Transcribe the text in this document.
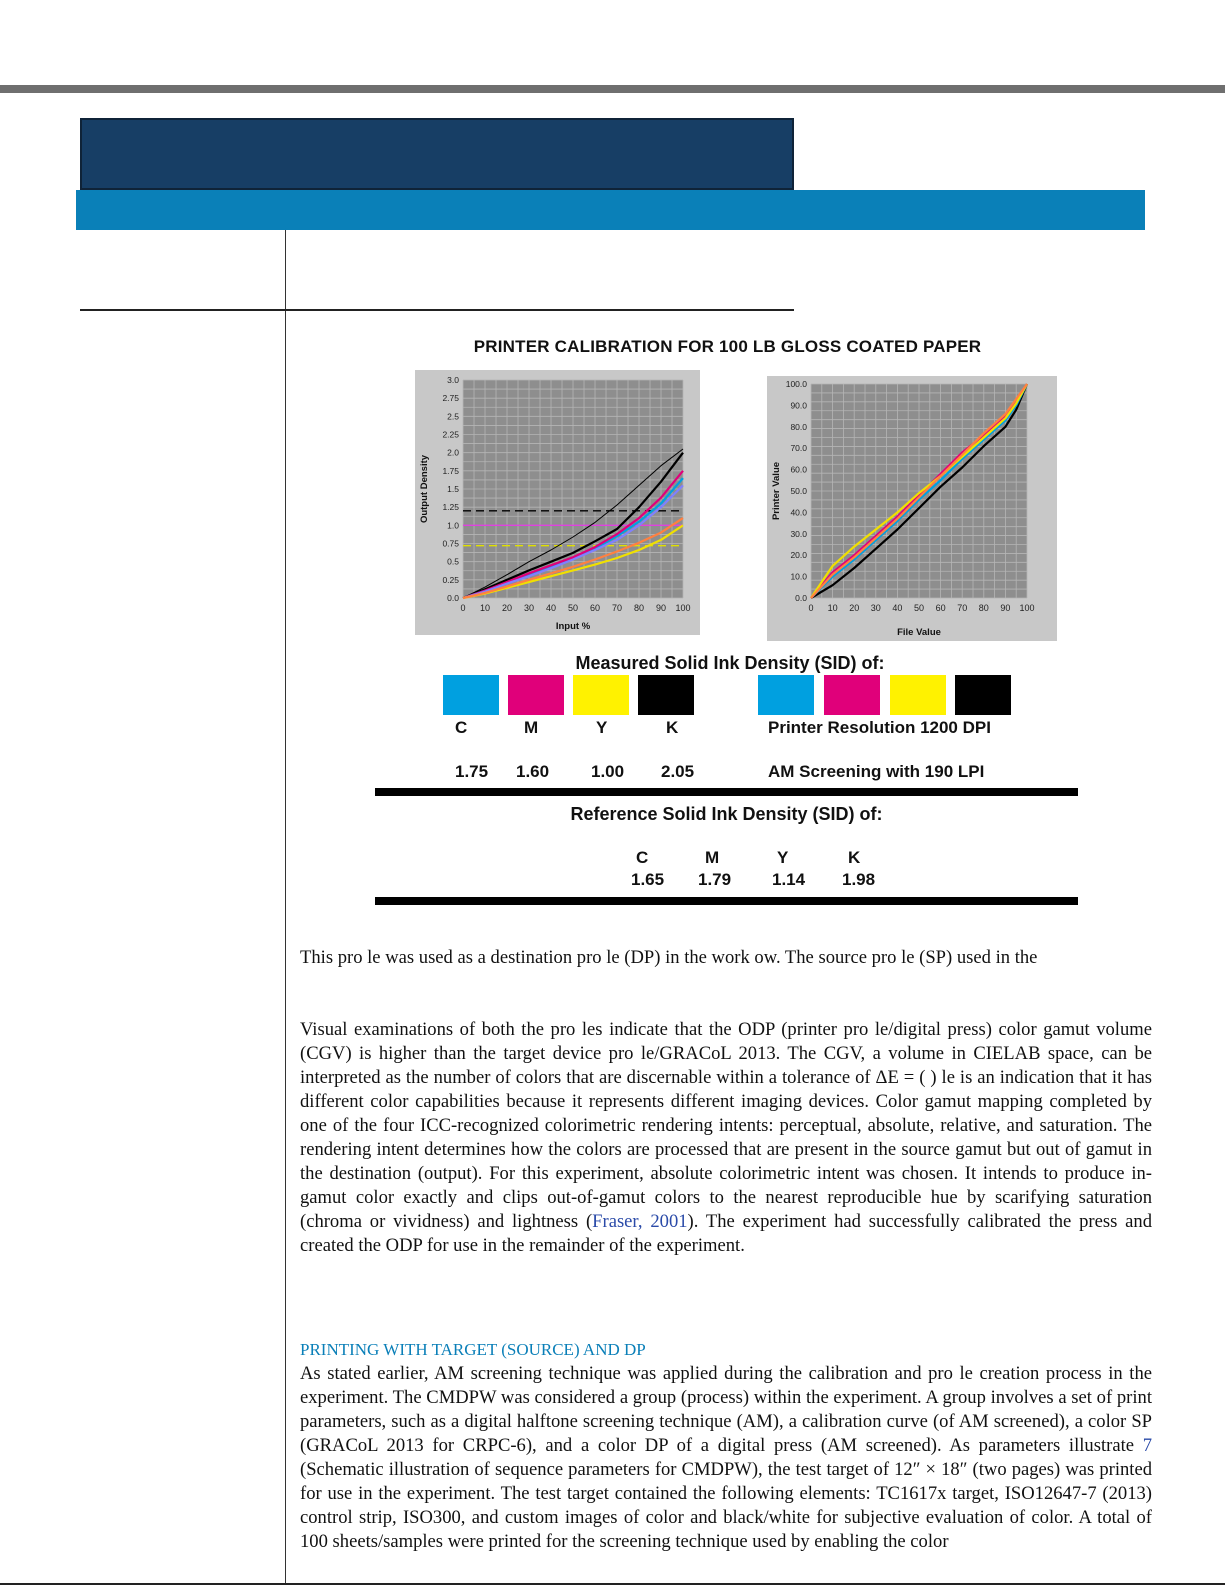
PRINTER CALIBRATION FOR 100 LB GLOSS COATED PAPER
0 10 20 30 40 50 60 70 80 90 100
0.0
0.25
0.5
0.75
1.0
1.25
1.5
1.75
2.0
2.25
2.5
2.75
3.0
Input %
Output Density
0 10 20 30 40 50 60 70 80 90 100
0.0
10.0
20.0
30.0
40.0
50.0
60.0
70.0
80.0
90.0
100.0
File Value
Printer Value
Measured Solid Ink Density (SID) of:
C	M	Y	K	Printer Resolution 1200 DPI
1.75 1.60 1.00 2.05	AM Screening with 190 LPI
Reference Solid Ink Density (SID) of:
C	M	Y	K
1.65 1.79 1.14 1.98

This pro le was used as a destination pro le (DP) in the work ow. The source pro le (SP) used in the

Visual examinations of both the pro les indicate that the ODP (printer pro le/digital press) color gamut volume (CGV) is higher than the target device pro le/GRACoL 2013. The CGV, a volume in CIELAB space, can be interpreted as the number of colors that are discernable within a tolerance of ΔE = ( ) le is an indication that it has different color capabilities because it represents different imaging devices. Color gamut mapping completed by one of the four ICC-recognized colorimetric rendering intents: perceptual, absolute, relative, and saturation. The rendering intent determines how the colors are processed that are present in the source gamut but out of gamut in the destination (output). For this experiment, absolute colorimetric intent was chosen. It intends to produce in-gamut color exactly and clips out-of-gamut colors to the nearest reproducible hue by scarifying saturation (chroma or vividness) and lightness (Fraser, 2001). The experiment had successfully calibrated the press and created the ODP for use in the remainder of the experiment.

PRINTING WITH TARGET (SOURCE) AND DP

As stated earlier, AM screening technique was applied during the calibration and pro le creation process in the experiment. The CMDPW was considered a group (process) within the experiment. A group involves a set of print parameters, such as a digital halftone screening technique (AM), a calibration curve (of AM screened), a color SP (GRACoL 2013 for CRPC-6), and a color DP of a digital press (AM screened). As parameters illustrate 7 (Schematic illustration of sequence parameters for CMDPW), the test target of 12″ × 18″ (two pages) was printed for use in the experiment. The test target contained the following elements: TC1617x target, ISO12647-7 (2013) control strip, ISO300, and custom images of color and black/white for subjective evaluation of color. A total of 100 sheets/samples were printed for the screening technique used by enabling the color
